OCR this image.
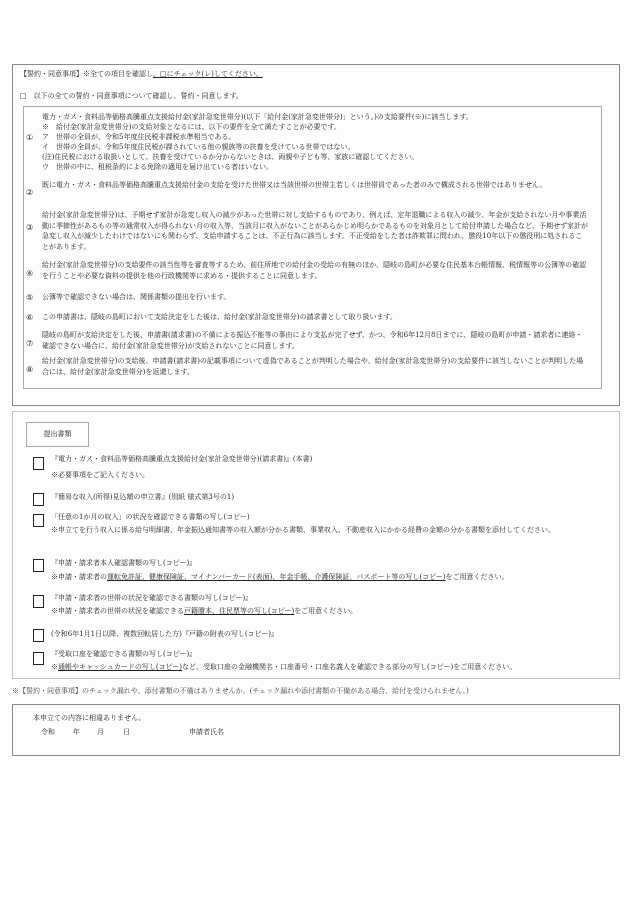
【誓約・同意事項】※全ての項目を確認し、□にチェック(レ)してください。
□　以下の全ての誓約・同意事項について確認し、誓約・同意します。
電力・ガス・食料品等価格高騰重点支援給付金(家計急変世帯分)(以下「給付金(家計急変世帯分)」という。)の支給要件(※)に該当します。
※　給付金(家計急変世帯分)の支給対象となるには、以下の要件を全て満たすことが必要です。
① ア　世帯の全員が、令和5年度住民税非課税水準相当である。
イ　世帯の全員が、令和5年度住民税が課されている他の親族等の扶養を受けている世帯ではない。
(注)住民税における取扱いとして、扶養を受けているか分からないときは、両親や子ども等、家族に確認してください。
ウ　世帯の中に、租税条約による免除の適用を届け出ている者はいない。
②
既に電力・ガス・食料品等価格高騰重点支援給付金の支給を受けた世帯又は当該世帯の世帯主若しくは世帯員であった者のみで構成される世帯ではありません。
③
給付金(家計急変世帯分)は、予期せず家計が急変し収入の減少があった世帯に対し支給するものであり、例えば、定年退職による収入の減少、年金が支給されない月や事業活動に季節性があるもの等の通常収入が得られない月の収入等、当該月に収入がないことがあらかじめ明らかであるものを対象月として給付申請した場合など、予期せず家計が急変し収入が減少したわけではないにも関わらず、支給申請することは、不正行為に該当します。不正受給をした者は詐欺罪に問われ、懲役10年以下の懲役刑に処されることがあります。
④
給付金(家計急変世帯分)の支給要件の該当性等を審査等するため、前住所地での給付金の受給の有無のほか、隠岐の島町が必要な住民基本台帳情報、税情報等の公簿等の確認を行うことや必要な資料の提供を他の行政機関等に求める・提供することに同意します。
⑤ 公簿等で確認できない場合は、関係書類の提出を行います。
⑥ この申請書は、隠岐の島町において支給決定をした後は、給付金(家計急変世帯分)の請求書として取り扱います。
⑦
隠岐の島町が支給決定をした後、申請書(請求書)の不備による振込不能等の事由により支払が完了せず、かつ、令和6年12月8日までに、隠岐の島町が申請・請求者に連絡・確認できない場合に、給付金(家計急変世帯分)が支給されないことに同意します。
⑧
給付金(家計急変世帯分)の支給後、申請書(請求書)の記載事項について虚偽であることが判明した場合や、給付金(家計急変世帯分)の支給要件に該当しないことが判明した場合には、給付金(家計急変世帯分)を返還します。
提出書類
『電力・ガス・食料品等価格高騰重点支援給付金(家計急変世帯分)(請求書)』(本書)
※必要事項をご記入ください。
『簡易な収入(所得)見込額の申立書』(別紙 様式第3号の1)
「任意の1か月の収入」の状況を確認できる書類の写し(コピー)
※申立てを行う収入に係る給与明細書、年金振込通知書等の収入額が分かる書類、事業収入、不動産収入にかかる経費の金額の分かる書類を添付してください。
『申請・請求者本人確認書類の写し(コピー)』
※申請・請求者の運転免許証、健康保険証、マイナンバーカード(表面)、年金手帳、介護保険証、パスポート等の写し(コピー)をご用意ください。
『申請・請求者の世帯の状況を確認できる書類の写し(コピー)』
※申請・請求者の世帯の状況を確認できる戸籍謄本、住民票等の写し(コピー)をご用意ください。
(令和6年1月1日以降、複数回転居した方)『戸籍の附表の写し(コピー)』
『受取口座を確認できる書類の写し(コピー)』
※通帳やキャッシュカードの写し(コピー)など、受取口座の金融機関名・口座番号・口座名義人を確認できる部分の写し(コピー)をご用意ください。
※【誓約・同意事項】のチェック漏れや、添付書類の不備はありませんか。(チェック漏れや添付書類の不備がある場合、給付を受けられません。)
本申立ての内容に相違ありません。
令和	年 月	日	申請者氏名
